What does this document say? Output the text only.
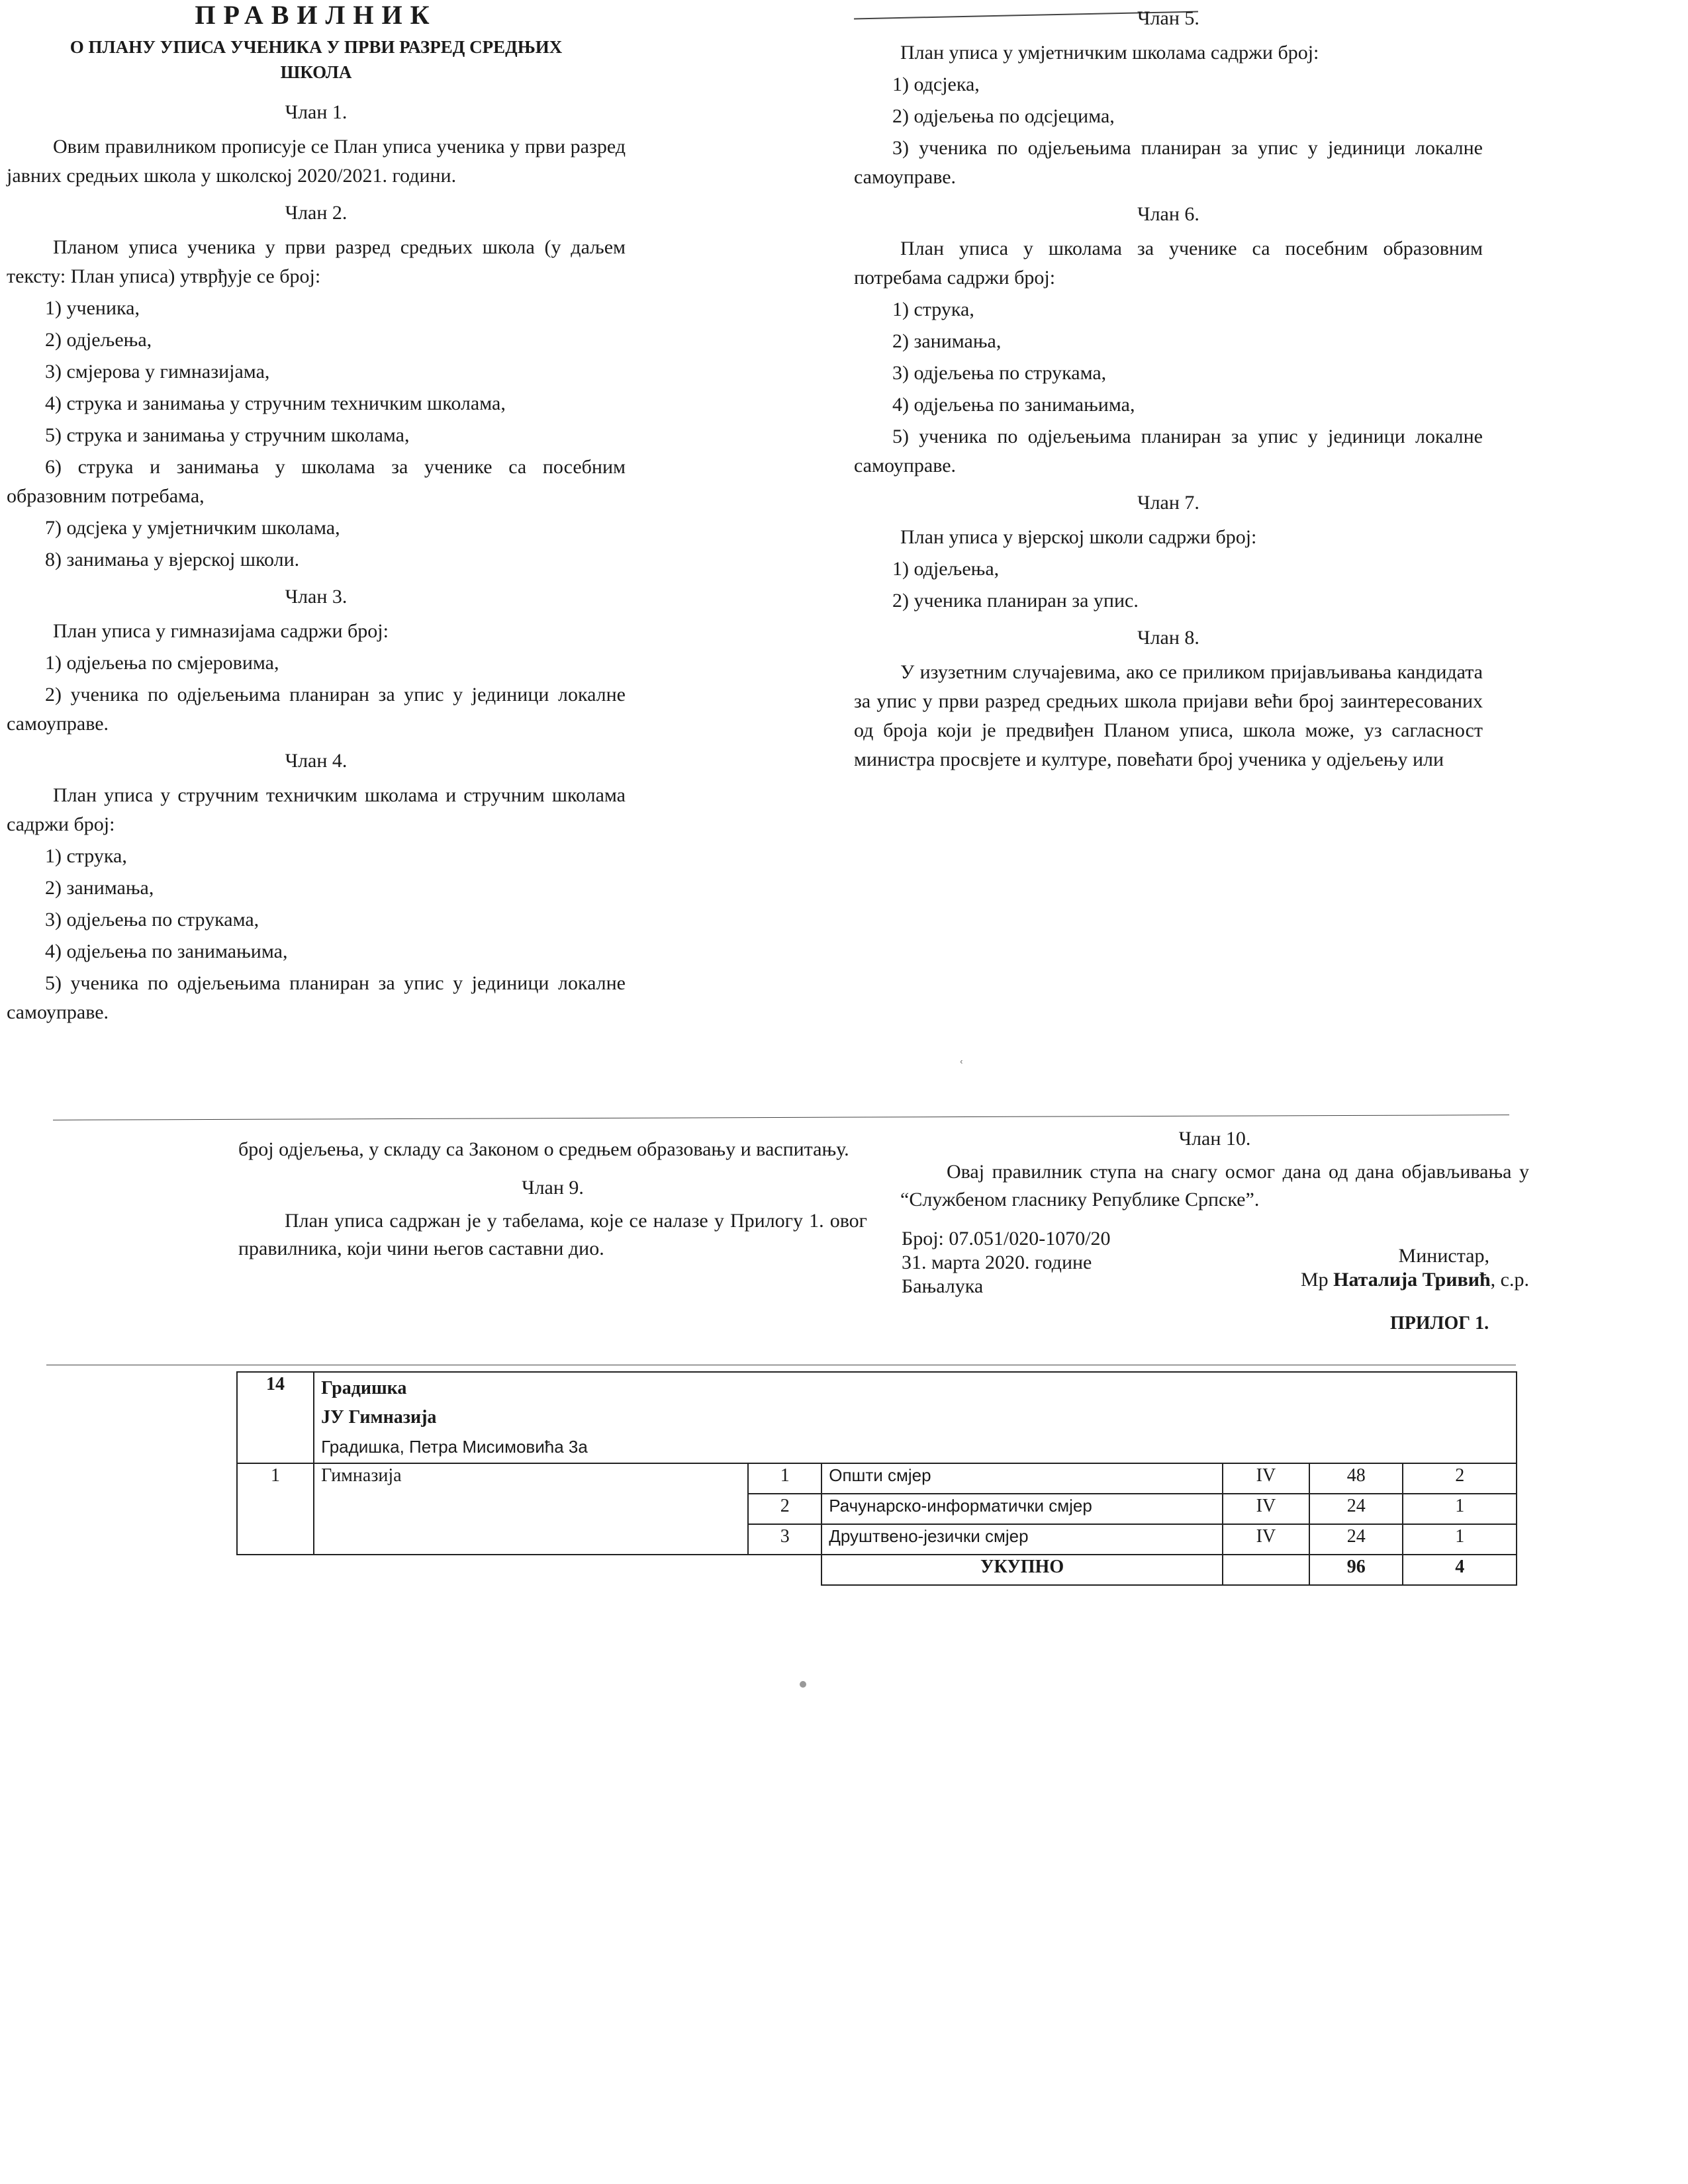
ПРАВИЛНИК
О ПЛАНУ УПИСА УЧЕНИКА У ПРВИ РАЗРЕД СРЕДЊИХ ШКОЛА
Члан 1.

Овим правилником прописује се План уписа ученика у први разред јавних средњих школа у школској 2020/2021. години.

Члан 2.

Планом уписа ученика у први разред средњих школа (у даљем тексту: План уписа) утврђује се број:

1) ученика,

2) одјељења,

3) смјерова у гимназијама,

4) струка и занимања у стручним техничким школама,

5) струка и занимања у стручним школама,

6) струка и занимања у школама за ученике са посебним образовним потребама,

7) одсјека у умјетничким школама,

8) занимања у вјерској школи.

Члан 3.

План уписа у гимназијама садржи број:

1) одјељења по смјеровима,

2) ученика по одјељењима планиран за упис у јединици локалне самоуправе.

Члан 4.

План уписа у стручним техничким школама и стручним школама садржи број:

1) струка,

2) занимања,

3) одјељења по струкама,

4) одјељења по занимањима,

5) ученика по одјељењима планиран за упис у јединици локалне самоуправе.

Члан 5.

План уписа у умјетничким школама садржи број:

1) одсјека,

2) одјељења по одсјецима,

3) ученика по одјељењима планиран за упис у јединици локалне самоуправе.

Члан 6.

План уписа у школама за ученике са посебним образовним потребама садржи број:

1) струка,

2) занимања,

3) одјељења по струкама,

4) одјељења по занимањима,

5) ученика по одјељењима планиран за упис у јединици локалне самоуправе.

Члан 7.

План уписа у вјерској школи садржи број:

1) одјељења,

2) ученика планиран за упис.

Члан 8.

У изузетним случајевима, ако се приликом пријављивања кандидата за упис у први разред средњих школа пријави већи број заинтересованих од броја који је предвиђен Планом уписа, школа може, уз сагласност министра просвјете и културе, повећати број ученика у одјељењу или

ʿ

број одјељења, у складу са Законом о средњем образовању и васпитању.

Члан 9.

План уписа садржан је у табелама, које се налазе у Прилогу 1. овог правилника, који чини његов саставни дио.

Члан 10.

Овај правилник ступа на снагу осмог дана од дана објављивања у “Службеном гласнику Републике Српске”.

Број: 07.051/020-1070/20
31. марта 2020. године
Бањалука
Министар,
Мр Наталија Тривић, с.р.
ПРИЛОГ 1.
14	Градишка
ЈУ Гимназија
Градишка, Петра Мисимовића 3а					

1	Гимназија	1	Општи смјер	IV	48	2
		2	Рачунарско-информатички смјер	IV	24	1
		3	Друштвено-језички смјер	IV	24	1
			УКУПНО		96	4
